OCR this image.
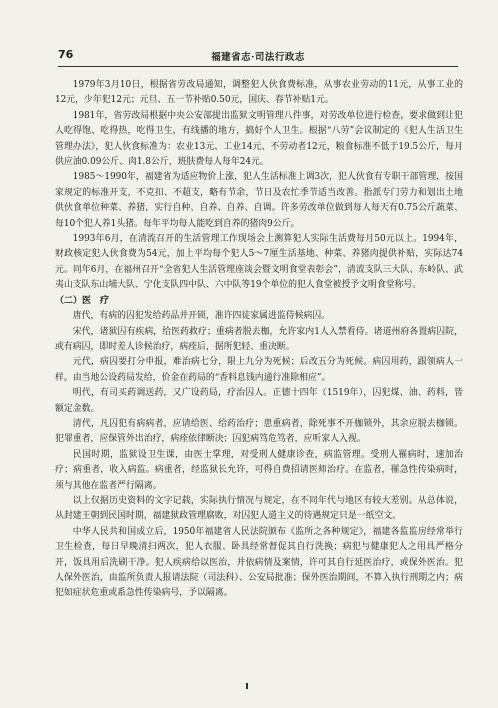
76	福建省志·司法行政志

1979年3月10日，根据省劳改局通知，调整犯人伙食费标准，从事农业劳动的11元，从事工业的12元，少年犯12元；元旦、五一节补贴0.50元，国庆、春节补贴1元。

1981年，省劳改局根据中央公安部提出监狱文明管理八件事，对劳改单位进行检查，要求做到让犯人吃得饱、吃得热，吃得卫生，有线播的地方，搞好个人卫生。根据“八劳”会议制定的《犯人生活卫生管理办法》，犯人伙食标准为：农业13元、工业14元、不劳动者12元，粮食标准不低于19.5公斤，每月供应油0.09公斤、肉1.8公斤，班肤费每人每年24元。

1985～1990年，福建省为适应物价上涨，犯人生活标准上调3次，犯人伙食有专职干部管理，按国家规定的标准开支，不克扣、不超支，略有节余，节日及农忙季节适当改善。指派专门劳力和划出土地供伙食单位种菜、养猪，实行自种、自养、自养、自调。许多劳改单位做到每人每天有0.75公斤蔬菜、每10个犯人养1头猪。每年平均每人能吃到自养的猪肉9公斤。

1993年6月，在清流召开的生活管理工作现场会上测算犯人实际生活费每月50元以上。1994年，财政核定犯人伙食费为54元，加上平均每个犯人5～7厘生活基地、种菜、养猪肉提供补贴，实际达74元。同年6月，在福州召开“全省犯人生活管理座谈会暨文明食堂表彰会”，清流支队三大队、东岭队、武夷山支队东山埔大队、宁化支队四中队、六中队等19个单位的犯人食堂被授予文明食堂称号。

（二）医　疗

唐代，有病的囚犯发给药品并开锁，准许四徒家属进监侍候病囚。

宋代，诸狱囚有疾病，给医药救疗；重病者脱去枷，允许家内1人入禁看侍。诸道州府各置病囚院，或有病囚，即时差人诊候治疗，病痊后，据所犯轻、重决断。

元代，病囚要打分申报，难治病七分，限上九分为死候；后改五分为死候。病囚用药，跟领病人一样。由当地公设药局发给，价金在药局的“香料息钱内通行准除相应”。

明代，有司买药调送药，又广设药局，疗治囚人。正德十四年（1519年），囚犯煤、油、药料，皆额定金数。

清代，凡囚犯有病病者，应请给医、给药治疗；患重病者，除死事不开枷锁外，其余应脱去枷锁。犯罪重者，应保管外出治疗，病痊依律断决；囚犯病笃危笃者，应听家人入视。

民国时期，监狱设卫生课，由医士掌理，对受刑人健康诊查，病监管理。受刑人罹病时，速加治疗；病重者，收入病监。病重者，经监狱长允许，可得自费招请医师治疗。在监者，罹急性传染病时，须与其他在监者严行隔离。

以上仅据历史资料的文字记载，实际执行情况与规定，在不同年代与地区有较大差别。从总体说，从封建王朝到民国时期，福建狱政管理腐败，对囚犯人道主义的待遇规定只是一纸空文。

中华人民共和国成立后，1950年福建省人民法院颁布《监所之各种规定》，福建各监监房经常举行卫生检查，每日早晚清扫两次，犯人衣服、卧具经常督促其自行洗换；病犯与健康犯人之用具严格分开，饭具用后洗刷干净。犯人疾病给以医治，并依病情及案情，许可其自行延医治疗，或保外医治。犯人保外医治，由监所负责人报请法院（司法科）、公安局批准；保外医治期间，不算入执行刑期之内；病犯如症状危重或系急性传染病号，予以隔离。
